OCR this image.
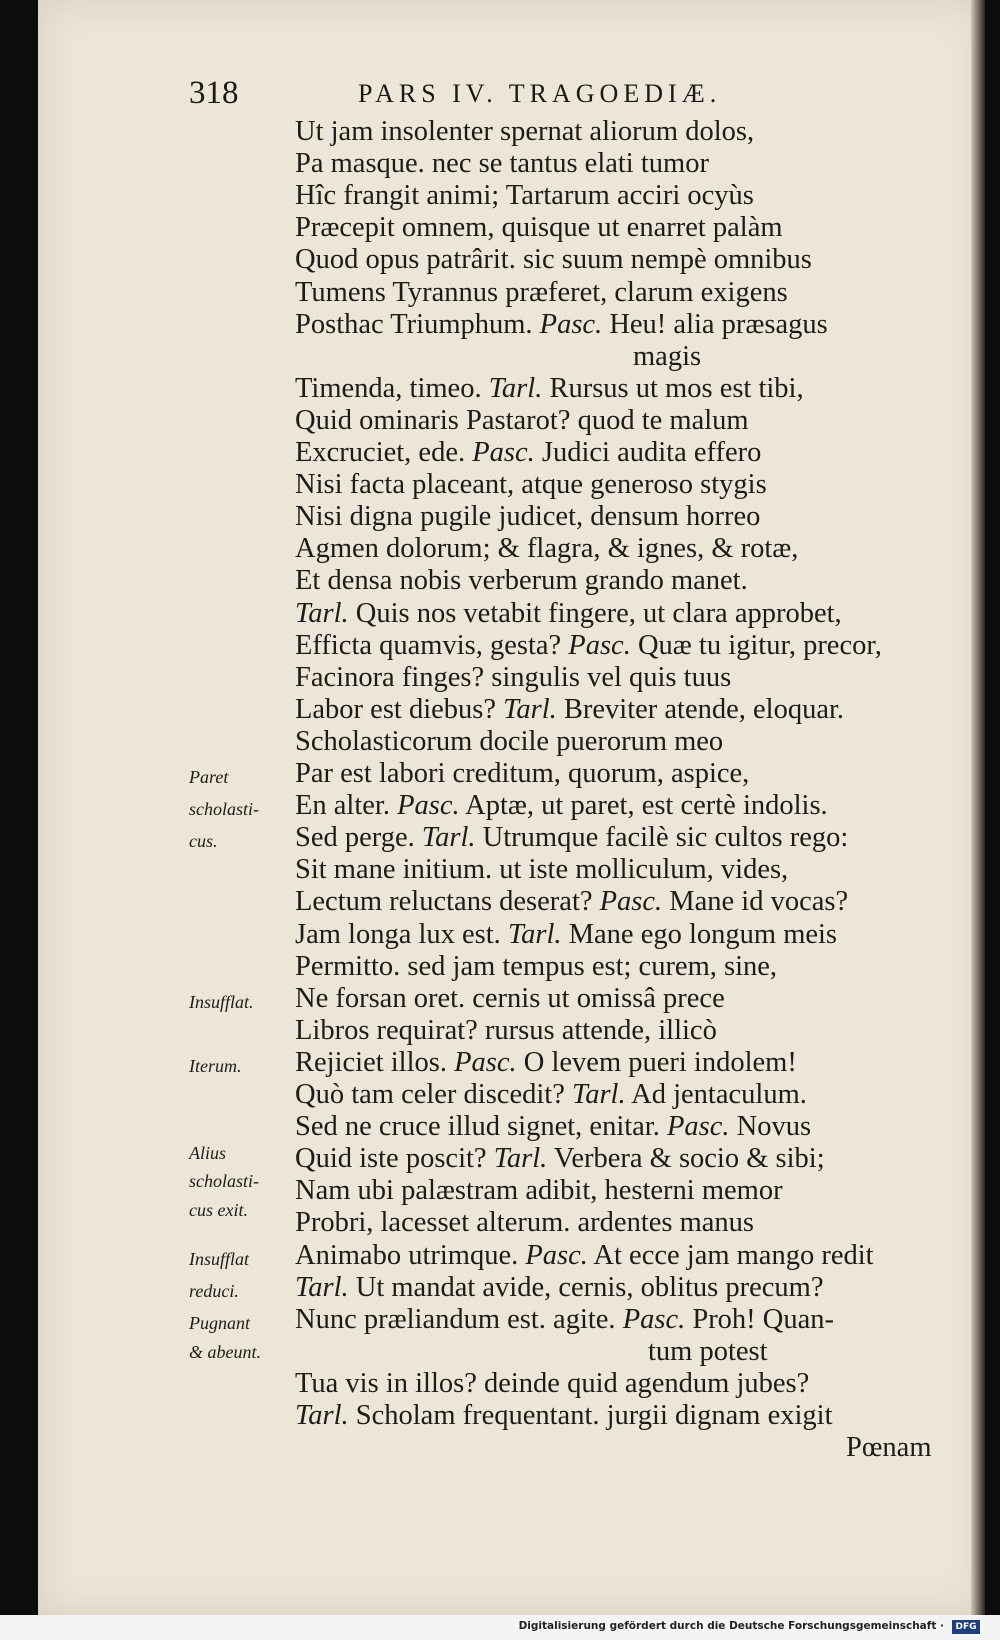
318	PARS IV. TRAGOEDIÆ.
Ut jam insolenter spernat aliorum dolos,
Pa masque. nec se tantus elati tumor
Hîc frangit animi; Tartarum acciri ocyùs
Præcepit omnem, quisque ut enarret palàm
Quod opus patrârit. sic suum nempè omnibus
Tumens Tyrannus præferet, clarum exigens
Posthac Triumphum. Pasc. Heu! alia præsagus
magis
Timenda, timeo. Tarl. Rursus ut mos est tibi,
Quid ominaris Pastarot? quod te malum
Excruciet, ede. Pasc. Judici audita effero
Nisi facta placeant, atque generoso stygis
Nisi digna pugile judicet, densum horreo
Agmen dolorum; & flagra, & ignes, & rotæ,
Et densa nobis verberum grando manet.
Tarl. Quis nos vetabit fingere, ut clara approbet,
Efficta quamvis, gesta? Pasc. Quæ tu igitur, precor,
Facinora finges? singulis vel quis tuus
Labor est diebus? Tarl. Breviter atende, eloquar.
Scholasticorum docile puerorum meo
Par est labori creditum, quorum, aspice,
En alter. Pasc. Aptæ, ut paret, est certè indolis.
Sed perge. Tarl. Utrumque facilè sic cultos rego:
Sit mane initium. ut iste molliculum, vides,
Lectum reluctans deserat? Pasc. Mane id vocas?
Jam longa lux est. Tarl. Mane ego longum meis
Permitto. sed jam tempus est; curem, sine,
Ne forsan oret. cernis ut omissâ prece
Libros requirat? rursus attende, illicò
Rejiciet illos. Pasc. O levem pueri indolem!
Quò tam celer discedit? Tarl. Ad jentaculum.
Sed ne cruce illud signet, enitar. Pasc. Novus
Quid iste poscit? Tarl. Verbera & socio & sibi;
Nam ubi palæstram adibit, hesterni memor
Probri, lacesset alterum. ardentes manus
Animabo utrimque. Pasc. At ecce jam mango redit
Tarl. Ut mandat avide, cernis, oblitus precum?
Nunc præliandum est. agite. Pasc. Proh! Quan-
tum potest
Tua vis in illos? deinde quid agendum jubes?
Tarl. Scholam frequentant. jurgii dignam exigit
Paret
scholasti-
cus.
Insufflat.
Iterum.
Alius
scholasti-
cus exit.
Insufflat
reduci.
Pugnant
& abeunt.
Pœnam
Digitalisierung gefördert durch die Deutsche Forschungsgemeinschaft ·	DFG
